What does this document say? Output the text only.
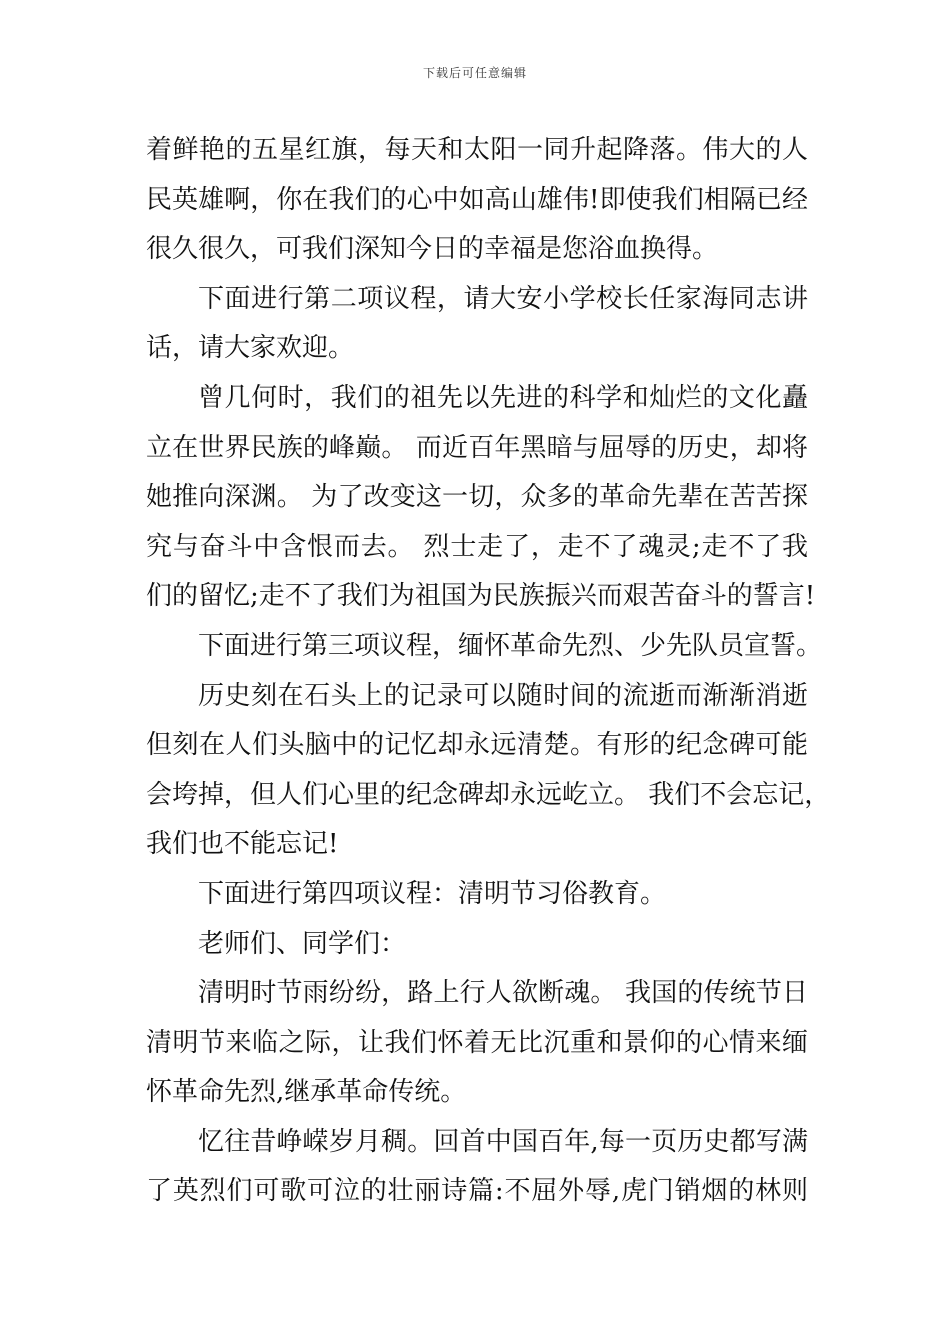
下载后可任意编辑
着鲜艳的五星红旗，每天和太阳一同升起降落。伟大的人
民英雄啊，你在我们的心中如高山雄伟!即使我们相隔已经
很久很久，可我们深知今日的幸福是您浴血换得。
下面进行第二项议程，请大安小学校长任家海同志讲
话，请大家欢迎。
曾几何时，我们的祖先以先进的科学和灿烂的文化矗
立在世界民族的峰巅。 而近百年黑暗与屈辱的历史，却将
她推向深渊。 为了改变这一切，众多的革命先辈在苦苦探
究与奋斗中含恨而去。 烈士走了，走不了魂灵;走不了我
们的留忆;走不了我们为祖国为民族振兴而艰苦奋斗的誓言!
下面进行第三项议程，缅怀革命先烈、少先队员宣誓。
历史刻在石头上的记录可以随时间的流逝而渐渐消逝
但刻在人们头脑中的记忆却永远清楚。有形的纪念碑可能
会垮掉，但人们心里的纪念碑却永远屹立。 我们不会忘记，
我们也不能忘记!
下面进行第四项议程：清明节习俗教育。
老师们、同学们：
清明时节雨纷纷，路上行人欲断魂。 我国的传统节日
清明节来临之际，让我们怀着无比沉重和景仰的心情来缅
怀革命先烈,继承革命传统。
忆往昔峥嵘岁月稠。回首中国百年,每一页历史都写满
了英烈们可歌可泣的壮丽诗篇:不屈外辱,虎门销烟的林则
